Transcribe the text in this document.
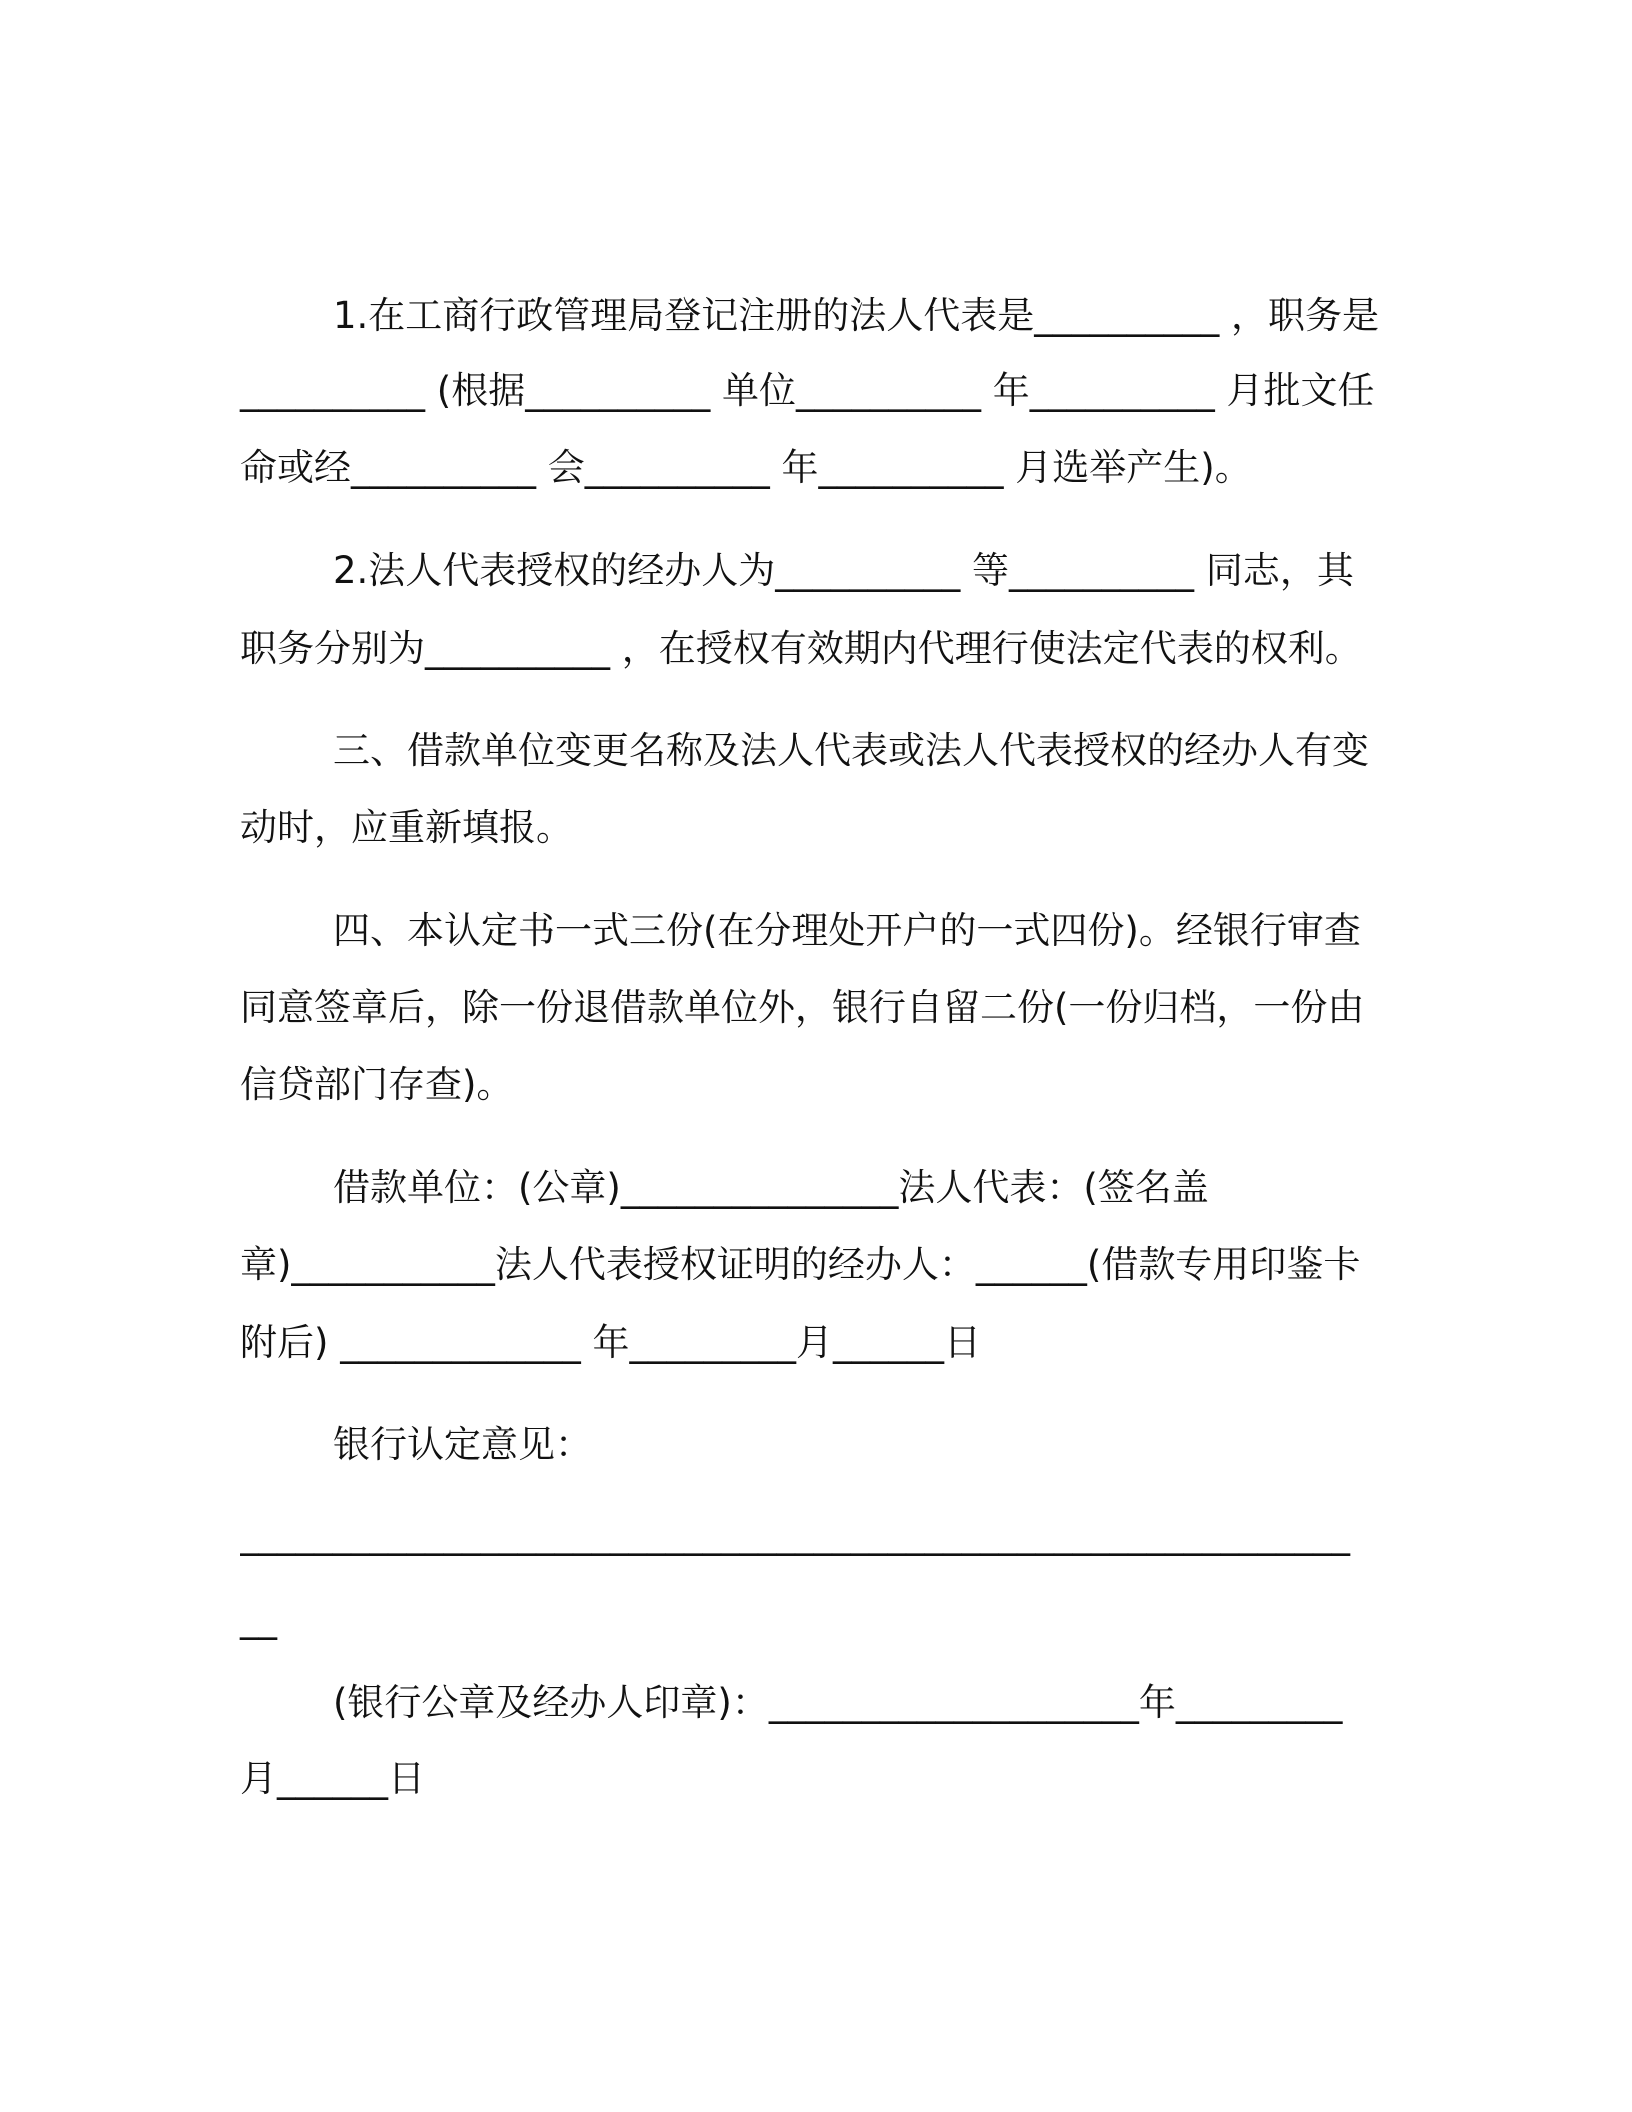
1.在工商行政管理局登记注册的法人代表是__________ ，职务是
__________ (根据__________ 单位__________ 年__________ 月批文任
命或经__________ 会__________ 年__________ 月选举产生)。
2.法人代表授权的经办人为__________ 等__________ 同志，其
职务分别为__________ ，在授权有效期内代理行使法定代表的权利。
三、借款单位变更名称及法人代表或法人代表授权的经办人有变
动时，应重新填报。
四、本认定书一式三份(在分理处开户的一式四份)。经银行审查
同意签章后，除一份退借款单位外，银行自留二份(一份归档，一份由
信贷部门存查)。
借款单位：(公章)_______________法人代表：(签名盖
章)___________法人代表授权证明的经办人：______(借款专用印鉴卡
附后) _____________ 年_________月______日
银行认定意见：
____________________________________________________________
__
(银行公章及经办人印章)：____________________年_________
月______日
